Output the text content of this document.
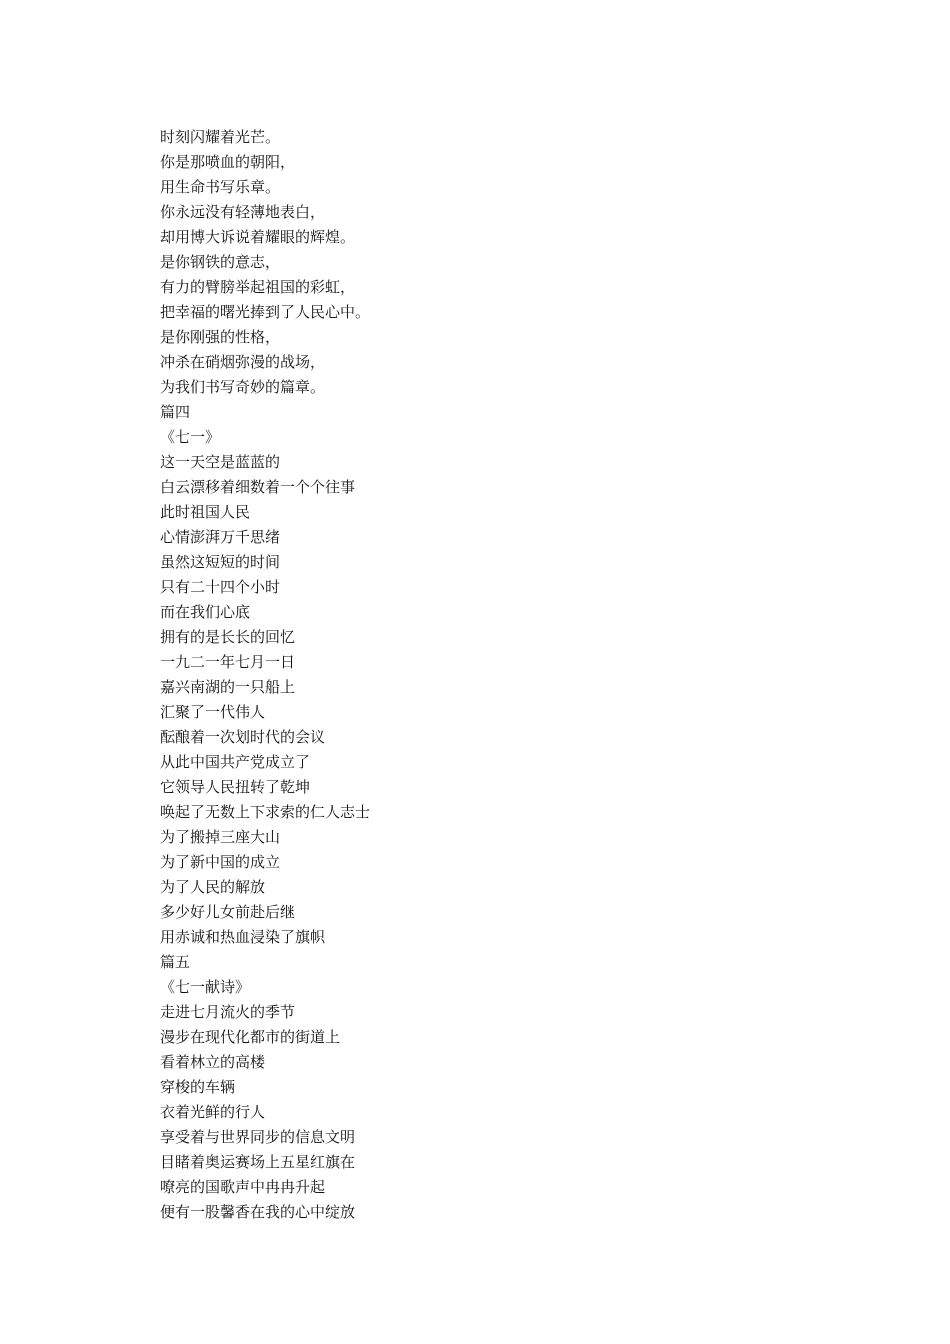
时刻闪耀着光芒。
你是那喷血的朝阳，
用生命书写乐章。
你永远没有轻薄地表白，
却用博大诉说着耀眼的辉煌。
是你钢铁的意志，
有力的臂膀举起祖国的彩虹，
把幸福的曙光捧到了人民心中。
是你刚强的性格，
冲杀在硝烟弥漫的战场，
为我们书写奇妙的篇章。
篇四
《七一》
这一天空是蓝蓝的
白云漂移着细数着一个个往事
此时祖国人民
心情澎湃万千思绪
虽然这短短的时间
只有二十四个小时
而在我们心底
拥有的是长长的回忆
一九二一年七月一日
嘉兴南湖的一只船上
汇聚了一代伟人
酝酿着一次划时代的会议
从此中国共产党成立了
它领导人民扭转了乾坤
唤起了无数上下求索的仁人志士
为了搬掉三座大山
为了新中国的成立
为了人民的解放
多少好儿女前赴后继
用赤诚和热血浸染了旗帜
篇五
《七一献诗》
走进七月流火的季节
漫步在现代化都市的街道上
看着林立的高楼
穿梭的车辆
衣着光鲜的行人
享受着与世界同步的信息文明
目睹着奥运赛场上五星红旗在
嘹亮的国歌声中冉冉升起
便有一股馨香在我的心中绽放
